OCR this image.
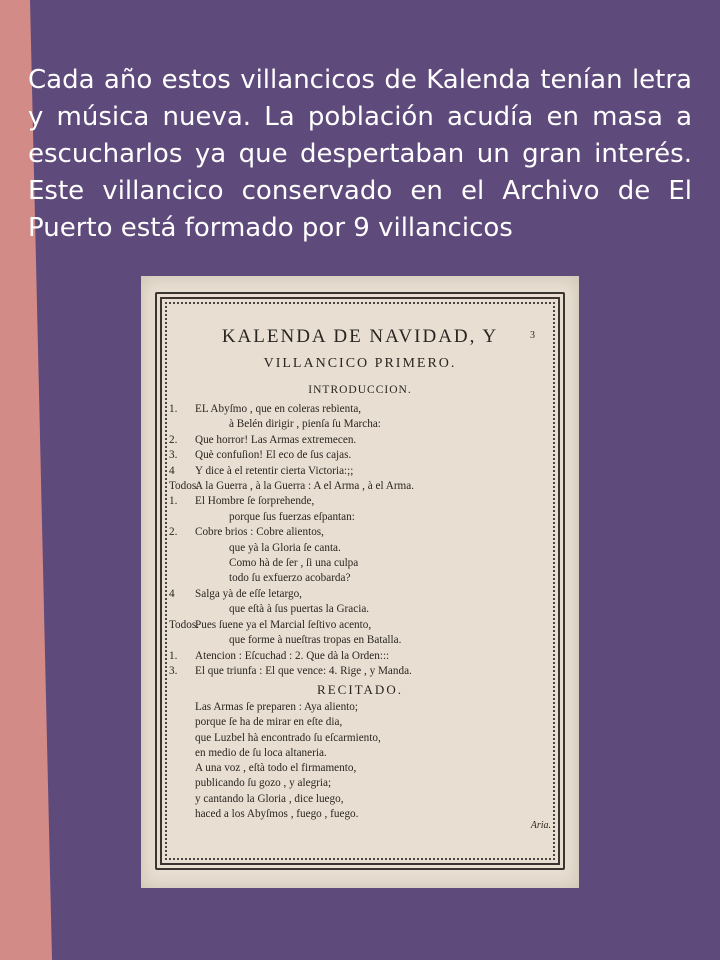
Cada año estos villancicos de Kalenda tenían letra y música nueva. La población acudía en masa a escucharlos ya que despertaban un gran interés. Este villancico conservado en el Archivo de El Puerto está formado por 9 villancicos
3
KALENDA DE NAVIDAD, Y
VILLANCICO PRIMERO.
INTRODUCCION.
1. EL Abyſmo , que en coleras rebienta,
à Belén dirigir , pienſa ſu Marcha:
2. Que horror! Las Armas extremecen.
3. Què confuſion! El eco de ſus cajas.
4 Y dice à el retentir cierta Victoria:;;
Todos.A la Guerra , à la Guerra : A el Arma , à el Arma.
1. El Hombre ſe ſorprehende,
porque ſus fuerzas eſpantan:
2. Cobre brios : Cobre alientos,
que yà la Gloria ſe canta.
Como hà de ſer , ſi una culpa
todo ſu exfuerzo acobarda?
4 Salga yà de eſſe letargo,
que eſtà à ſus puertas la Gracia.
Todos.Pues ſuene ya el Marcial ſeſtivo acento,
que forme à nueſtras tropas en Batalla.
1. Atencion : Eſcuchad : 2. Que dà la Orden:::
3. El que triunfa : El que vence: 4. Rige , y Manda.
RECITADO.
Las Armas ſe preparen : Aya aliento;
porque ſe ha de mirar en eſte dia,
que Luzbel hà encontrado ſu eſcarmiento,
en medio de ſu loca altaneria.
A una voz , eſtà todo el firmamento,
publicando ſu gozo , y alegria;
y cantando la Gloria , dice luego,
haced a los Abyſmos , fuego , fuego.
Aria.
